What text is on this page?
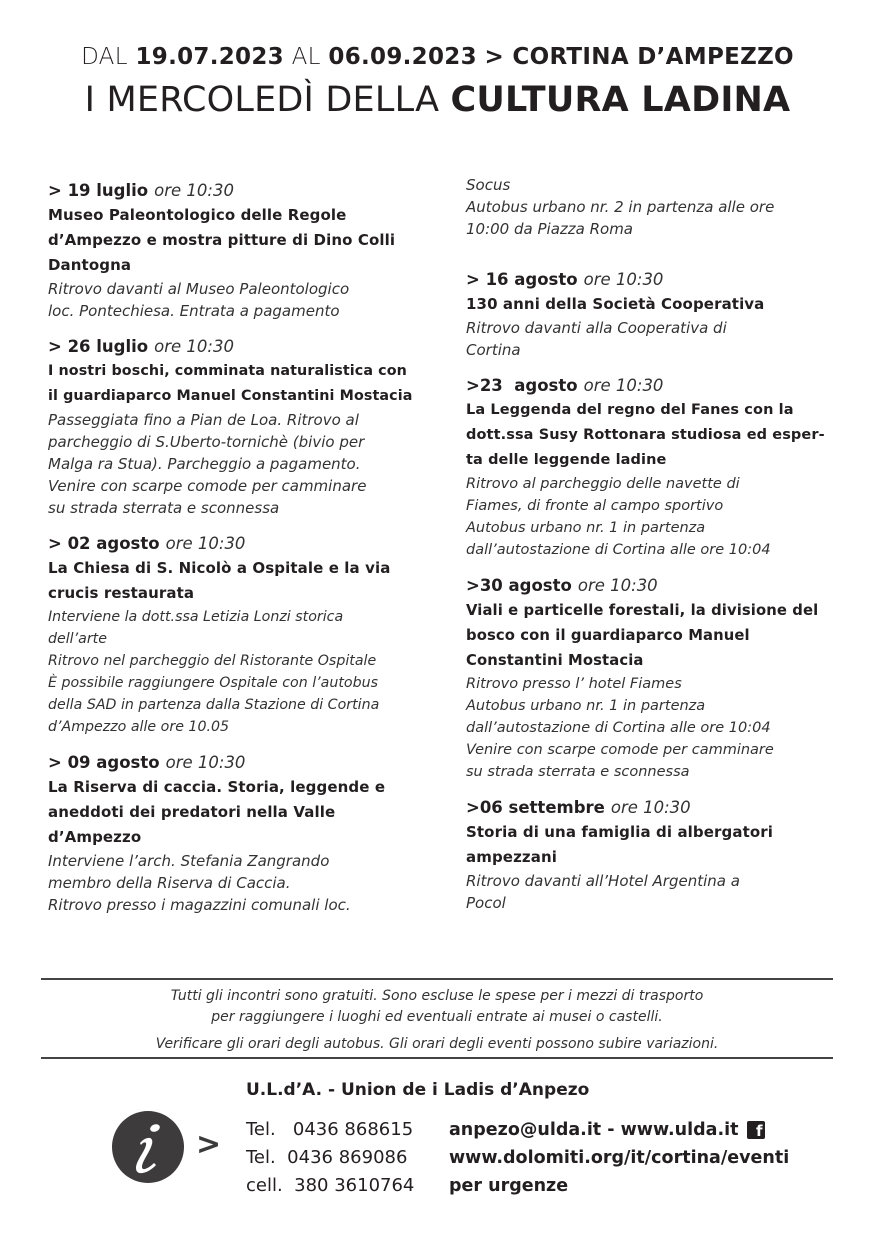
DAL 19.07.2023 AL 06.09.2023 > CORTINA D’AMPEZZO
I MERCOLEDÌ DELLA CULTURA LADINA
> 19 luglio ore 10:30
Museo Paleontologico delle Regole d’Ampezzo e mostra pitture di Dino Colli Dantogna
Ritrovo davanti al Museo Paleontologico
loc. Pontechiesa. Entrata a pagamento
> 26 luglio ore 10:30
I nostri boschi, comminata naturalistica con il guardiaparco Manuel Constantini Mostacia
Passeggiata fino a Pian de Loa. Ritrovo al
parcheggio di S.Uberto-tornichè (bivio per
Malga ra Stua). Parcheggio a pagamento.
Venire con scarpe comode per camminare
su strada sterrata e sconnessa
> 02 agosto ore 10:30
La Chiesa di S. Nicolò a Ospitale e la via crucis restaurata
Interviene la dott.ssa Letizia Lonzi storica
dell’arte
Ritrovo nel parcheggio del Ristorante Ospitale
È possibile raggiungere Ospitale con l’autobus
della SAD in partenza dalla Stazione di Cortina
d’Ampezzo alle ore 10.05
> 09 agosto ore 10:30
La Riserva di caccia. Storia, leggende e aneddoti dei predatori nella Valle d’Ampezzo
Interviene l’arch. Stefania Zangrando
membro della Riserva di Caccia.
Ritrovo presso i magazzini comunali loc.
Socus
Autobus urbano nr. 2 in partenza alle ore
10:00 da Piazza Roma
> 16 agosto ore 10:30
130 anni della Società Cooperativa
Ritrovo davanti alla Cooperativa di
Cortina
>23  agosto ore 10:30
La Leggenda del regno del Fanes con la dott.ssa Susy Rottonara studiosa ed esper-ta delle leggende ladine
Ritrovo al parcheggio delle navette di
Fiames, di fronte al campo sportivo
Autobus urbano nr. 1 in partenza
dall’autostazione di Cortina alle ore 10:04
>30 agosto ore 10:30
Viali e particelle forestali, la divisione del bosco con il guardiaparco Manuel Constantini Mostacia
Ritrovo presso l’ hotel Fiames
Autobus urbano nr. 1 in partenza
dall’autostazione di Cortina alle ore 10:04
Venire con scarpe comode per camminare
su strada sterrata e sconnessa
>06 settembre ore 10:30
Storia di una famiglia di albergatori ampezzani
Ritrovo davanti all’Hotel Argentina a
Pocol
Tutti gli incontri sono gratuiti. Sono escluse le spese per i mezzi di trasporto
per raggiungere i luoghi ed eventuali entrate ai musei o castelli.
Verificare gli orari degli autobus. Gli orari degli eventi possono subire variazioni.
>
U.L.d’A. - Union de i Ladis d’Anpezo
Tel.   0436 868615	anpezo@ulda.it - www.ulda.it	f
Tel.  0436 869086	www.dolomiti.org/it/cortina/eventi
cell.  380 3610764	per urgenze
